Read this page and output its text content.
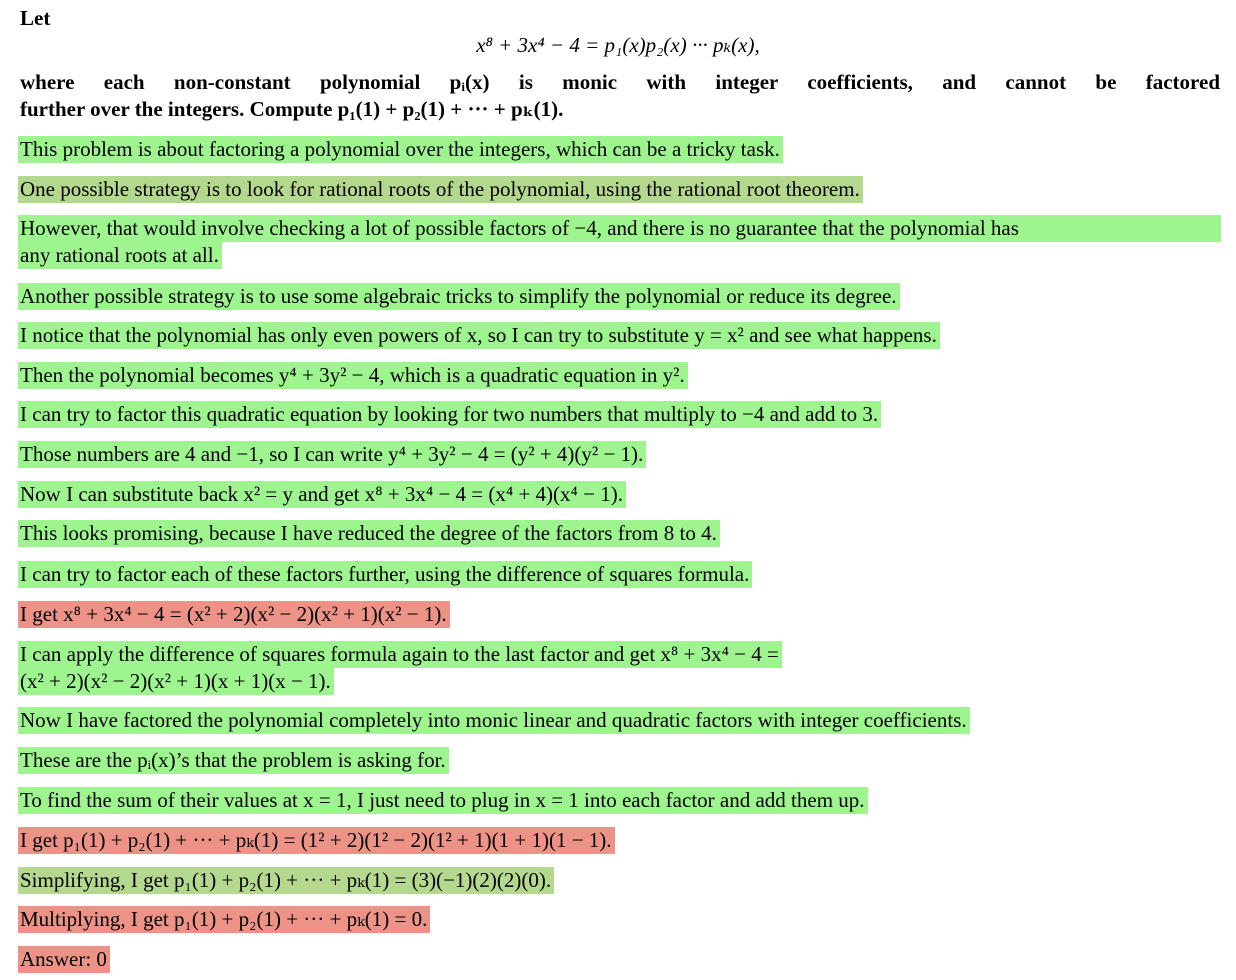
Let
x⁸ + 3x⁴ − 4 = p₁(x)p₂(x) ··· pₖ(x),
where each non-constant polynomial pᵢ(x) is monic with integer coefficients, and cannot be factored
further over the integers. Compute p₁(1) + p₂(1) + ··· + pₖ(1).
This problem is about factoring a polynomial over the integers, which can be a tricky task.
One possible strategy is to look for rational roots of the polynomial, using the rational root theorem.
However, that would involve checking a lot of possible factors of −4, and there is no guarantee that the polynomial has
any rational roots at all.
Another possible strategy is to use some algebraic tricks to simplify the polynomial or reduce its degree.
I notice that the polynomial has only even powers of x, so I can try to substitute y = x² and see what happens.
Then the polynomial becomes y⁴ + 3y² − 4, which is a quadratic equation in y².
I can try to factor this quadratic equation by looking for two numbers that multiply to −4 and add to 3.
Those numbers are 4 and −1, so I can write y⁴ + 3y² − 4 = (y² + 4)(y² − 1).
Now I can substitute back x² = y and get x⁸ + 3x⁴ − 4 = (x⁴ + 4)(x⁴ − 1).
This looks promising, because I have reduced the degree of the factors from 8 to 4.
I can try to factor each of these factors further, using the difference of squares formula.
I get x⁸ + 3x⁴ − 4 = (x² + 2)(x² − 2)(x² + 1)(x² − 1).
I can apply the difference of squares formula again to the last factor and get x⁸ + 3x⁴ − 4 =
(x² + 2)(x² − 2)(x² + 1)(x + 1)(x − 1).
Now I have factored the polynomial completely into monic linear and quadratic factors with integer coefficients.
These are the pᵢ(x)’s that the problem is asking for.
To find the sum of their values at x = 1, I just need to plug in x = 1 into each factor and add them up.
I get p₁(1) + p₂(1) + ··· + pₖ(1) = (1² + 2)(1² − 2)(1² + 1)(1 + 1)(1 − 1).
Simplifying, I get p₁(1) + p₂(1) + ··· + pₖ(1) = (3)(−1)(2)(2)(0).
Multiplying, I get p₁(1) + p₂(1) + ··· + pₖ(1) = 0.
Answer: 0
